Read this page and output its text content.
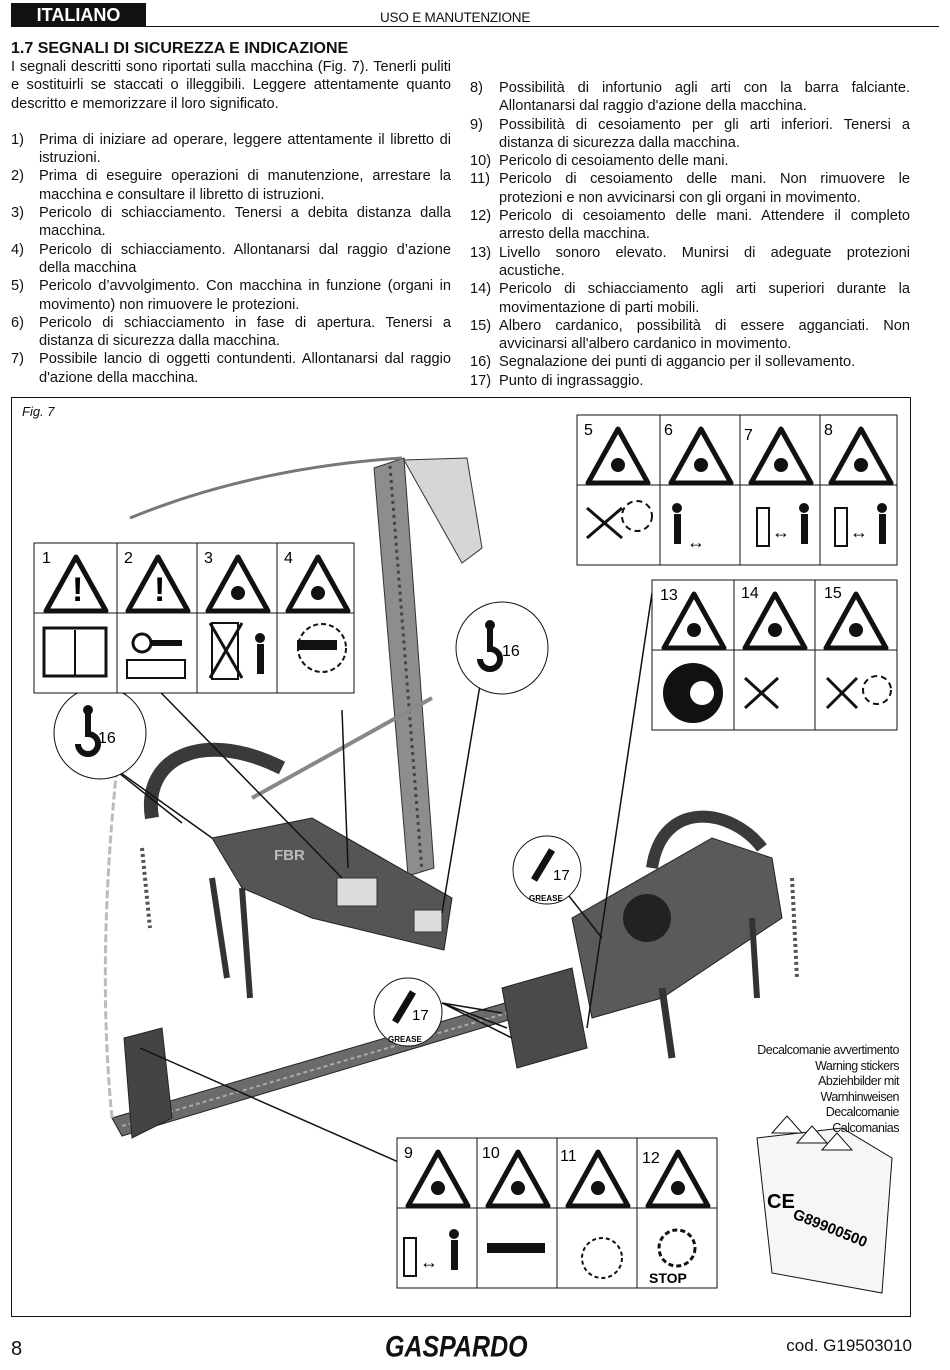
ITALIANO	USO E MANUTENZIONE
1.7 SEGNALI DI SICUREZZA E INDICAZIONE
I segnali descritti sono riportati sulla macchina (Fig. 7). Tenerli puliti e sostituirli se staccati o illeggibili. Leggere attentamente quanto descritto e memorizzare il loro significato.
1)	Prima di iniziare ad operare, leggere attentamente il libretto di istruzioni.
2)	Prima di eseguire operazioni di manutenzione, arrestare la macchina e consultare il libretto di istruzioni.
3)	Pericolo di schiacciamento. Tenersi a debita distanza dalla macchina.
4)	Pericolo di schiacciamento. Allontanarsi dal raggio d’azione della macchina
5)	Pericolo d’avvolgimento. Con macchina in funzione (organi in movimento) non rimuovere le protezioni.
6)	Pericolo di schiacciamento in fase di apertura. Tenersi a distanza di sicurezza dalla macchina.
7)	Possibile lancio di oggetti contundenti. Allontanarsi dal raggio d'azione della macchina.
8)	Possibilità di infortunio agli arti con la barra falciante. Allontanarsi dal raggio d'azione della macchina.
9)	Possibilità di cesoiamento per gli arti inferiori. Tenersi a distanza di sicurezza dalla macchina.
10) Pericolo di cesoiamento delle mani.
11) Pericolo di cesoiamento delle mani. Non rimuovere le protezioni e non avvicinarsi con gli organi in movimento.
12) Pericolo di cesoiamento delle mani. Attendere il completo arresto della macchina.
13) Livello sonoro elevato. Munirsi di adeguate protezioni acustiche.
14) Pericolo di schiacciamento agli arti superiori durante la movimentazione di parti mobili.
15) Albero cardanico, possibilità di essere agganciati. Non avvicinarsi all'albero cardanico in movimento.
16) Segnalazione dei punti di aggancio per il sollevamento.
17) Punto di ingrassaggio.
FBR
16
16
17
GREASE
17
GREASE
! !
1	2	3	4
↔	↔	↔
5	6	7	8
13	14	15
↔
STOP
9	10	11	12
CE
G89900500
Fig. 7
Decalcomanie avvertimento
Warning stickers
Abziehbilder mit
Warnhinweisen
Decalcomanie
Calcomanias
8	GASPARDO	cod. G19503010
